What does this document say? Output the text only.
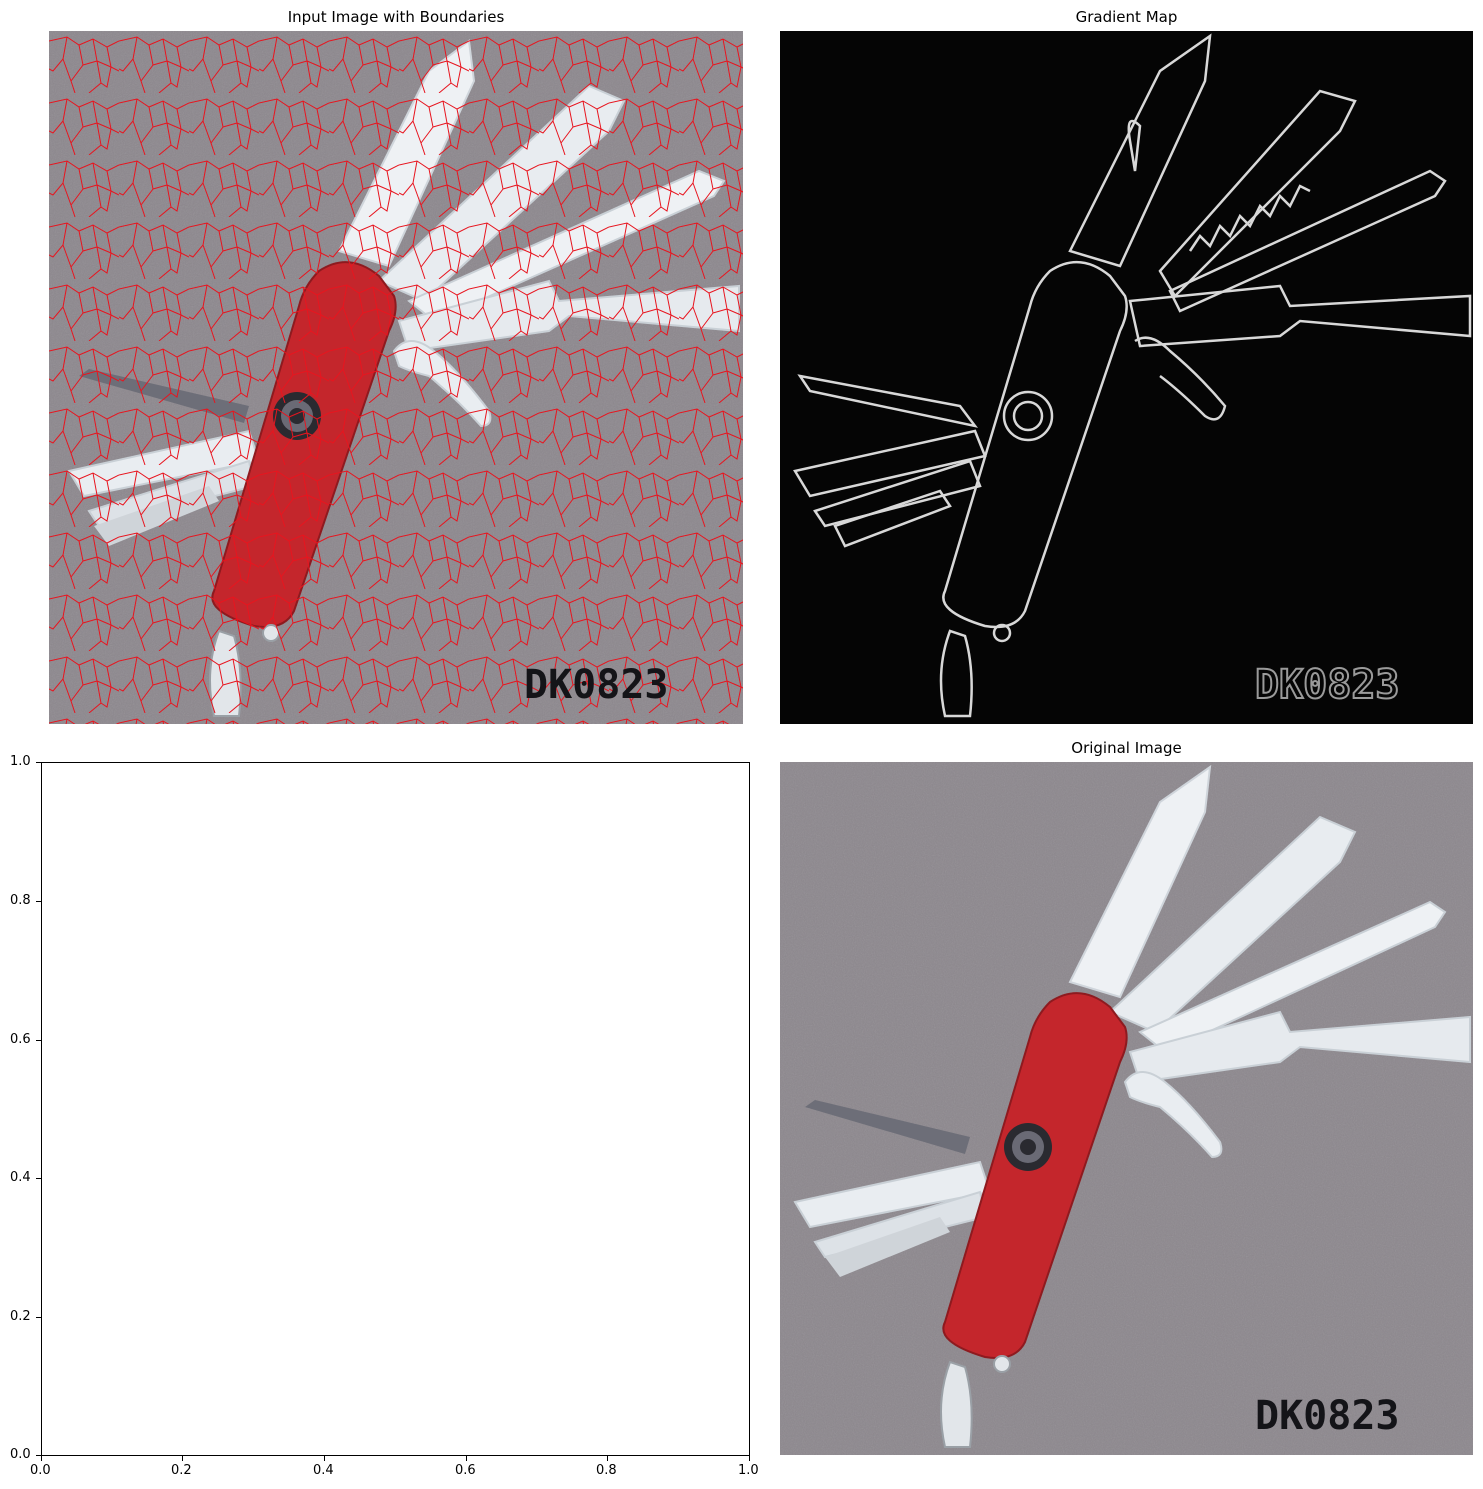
Input Image with Boundaries	Gradient Map
Original Image
DK0823	DK0823
0.0	0.2	0.4	0.6	0.8	1.0
0.0
0.2
0.4
0.6
0.8
1.0
DK0823
